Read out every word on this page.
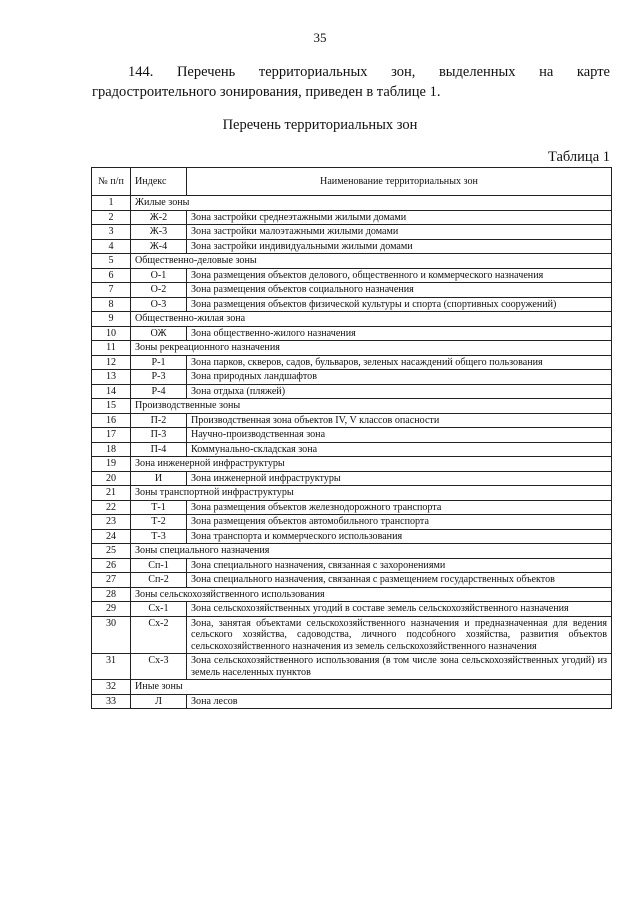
35
144. Перечень территориальных зон, выделенных на карте
градостроительного зонирования, приведен в таблице 1.
Перечень территориальных зон
Таблица 1
№ п/п	Индекс	Наименование территориальных зон
1	Жилые зоны	
2	Ж-2	Зона застройки среднеэтажными жилыми домами
3	Ж-3	Зона застройки малоэтажными жилыми домами
4	Ж-4	Зона застройки индивидуальными жилыми домами
5	Общественно-деловые зоны	
6	О-1	Зона размещения объектов делового, общественного и коммерческого назначения
7	О-2	Зона размещения объектов социального назначения
8	О-3	Зона размещения объектов физической культуры и спорта (спортивных сооружений)
9	Общественно-жилая зона	
10	ОЖ	Зона общественно-жилого назначения
11	Зоны рекреационного назначения	
12	Р-1	Зона парков, скверов, садов, бульваров, зеленых насаждений общего пользования
13	Р-3	Зона природных ландшафтов
14	Р-4	Зона отдыха (пляжей)
15	Производственные зоны	
16	П-2	Производственная зона объектов IV, V классов опасности
17	П-3	Научно-производственная зона
18	П-4	Коммунально-складская зона
19	Зона инженерной инфраструктуры	
20	И	Зона инженерной инфраструктуры
21	Зоны транспортной инфраструктуры	
22	Т-1	Зона размещения объектов железнодорожного транспорта
23	Т-2	Зона размещения объектов автомобильного транспорта
24	Т-3	Зона транспорта и коммерческого использования
25	Зоны специального назначения	
26	Сп-1	Зона специального назначения, связанная с захоронениями
27	Сп-2	Зона специального назначения, связанная с размещением государственных объектов
28	Зоны сельскохозяйственного использования	
29	Сх-1	Зона сельскохозяйственных угодий в составе земель сельскохозяйственного назначения
30	Сх-2	Зона, занятая объектами сельскохозяйственного назначения и предназначенная для ведения сельского хозяйства, садоводства, личного подсобного хозяйства, развития объектов сельскохозяйственного назначения из земель сельскохозяйственного назначения
31	Сх-3	Зона сельскохозяйственного использования (в том числе зона сельскохозяйственных угодий) из земель населенных пунктов
32	Иные зоны	
33	Л	Зона лесов
